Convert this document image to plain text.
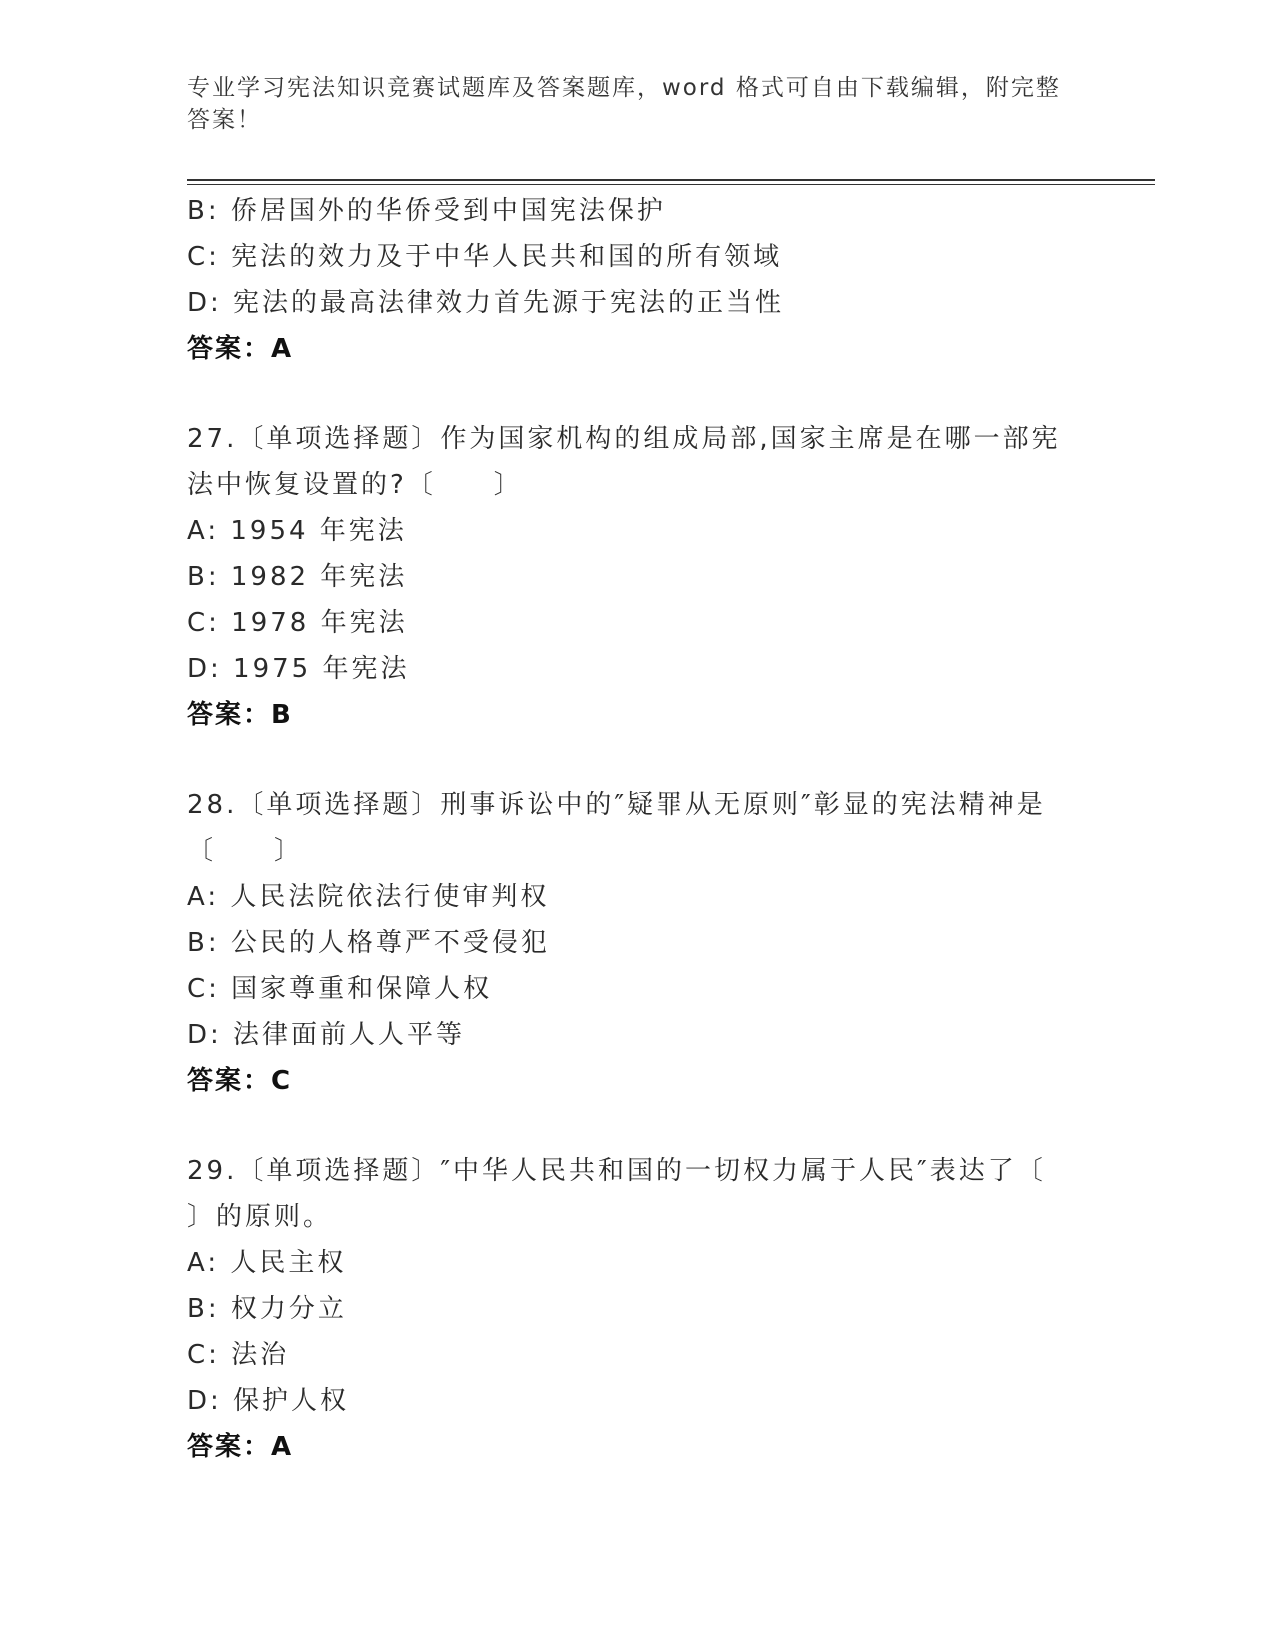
专业学习宪法知识竞赛试题库及答案题库，word 格式可自由下载编辑，附完整答案！
B: 侨居国外的华侨受到中国宪法保护
C: 宪法的效力及于中华人民共和国的所有领域
D: 宪法的最高法律效力首先源于宪法的正当性
答案：A
27.〔单项选择题〕作为国家机构的组成局部,国家主席是在哪一部宪
法中恢复设置的?〔　　〕
A: 1954 年宪法
B: 1982 年宪法
C: 1978 年宪法
D: 1975 年宪法
答案：B
28.〔单项选择题〕刑事诉讼中的″疑罪从无原则″彰显的宪法精神是
〔　　〕
A: 人民法院依法行使审判权
B: 公民的人格尊严不受侵犯
C: 国家尊重和保障人权
D: 法律面前人人平等
答案：C
29.〔单项选择题〕″中华人民共和国的一切权力属于人民″表达了〔
〕的原则。
A: 人民主权
B: 权力分立
C: 法治
D: 保护人权
答案：A
